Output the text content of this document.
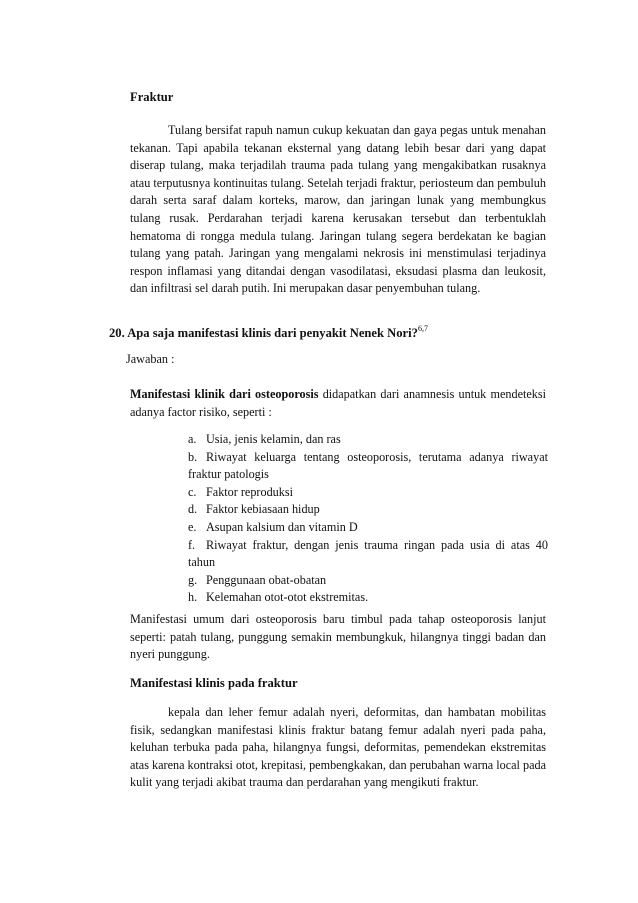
Fraktur

Tulang bersifat rapuh namun cukup kekuatan dan gaya pegas untuk menahan tekanan. Tapi apabila tekanan eksternal yang datang lebih besar dari yang dapat diserap tulang, maka terjadilah trauma pada tulang yang mengakibatkan rusaknya atau terputusnya kontinuitas tulang. Setelah terjadi fraktur, periosteum dan pembuluh darah serta saraf dalam korteks, marow, dan jaringan lunak yang membungkus tulang rusak. Perdarahan terjadi karena kerusakan tersebut dan terbentuklah hematoma di rongga medula tulang. Jaringan tulang segera berdekatan ke bagian tulang yang patah. Jaringan yang mengalami nekrosis ini menstimulasi terjadinya respon inflamasi yang ditandai dengan vasodilatasi, eksudasi plasma dan leukosit, dan infiltrasi sel darah putih. Ini merupakan dasar penyembuhan tulang.

20. Apa saja manifestasi klinis dari penyakit Nenek Nori?$^{6,7}$
Jawaban :

Manifestasi klinik dari osteoporosis didapatkan dari anamnesis untuk mendeteksi adanya factor risiko, seperti :

a. Usia, jenis kelamin, dan ras
b. Riwayat keluarga tentang osteoporosis, terutama adanya riwayat fraktur patologis
c. Faktor reproduksi
d. Faktor kebiasaan hidup
e. Asupan kalsium dan vitamin D
f. Riwayat fraktur, dengan jenis trauma ringan pada usia di atas 40 tahun
g. Penggunaan obat-obatan
h. Kelemahan otot-otot ekstremitas.

Manifestasi umum dari osteoporosis baru timbul pada tahap osteoporosis lanjut seperti: patah tulang, punggung semakin membungkuk, hilangnya tinggi badan dan nyeri punggung.

Manifestasi klinis pada fraktur

kepala dan leher femur adalah nyeri, deformitas, dan hambatan mobilitas fisik, sedangkan manifestasi klinis fraktur batang femur adalah nyeri pada paha, keluhan terbuka pada paha, hilangnya fungsi, deformitas, pemendekan ekstremitas atas karena kontraksi otot, krepitasi, pembengkakan, dan perubahan warna local pada kulit yang terjadi akibat trauma dan perdarahan yang mengikuti fraktur.
